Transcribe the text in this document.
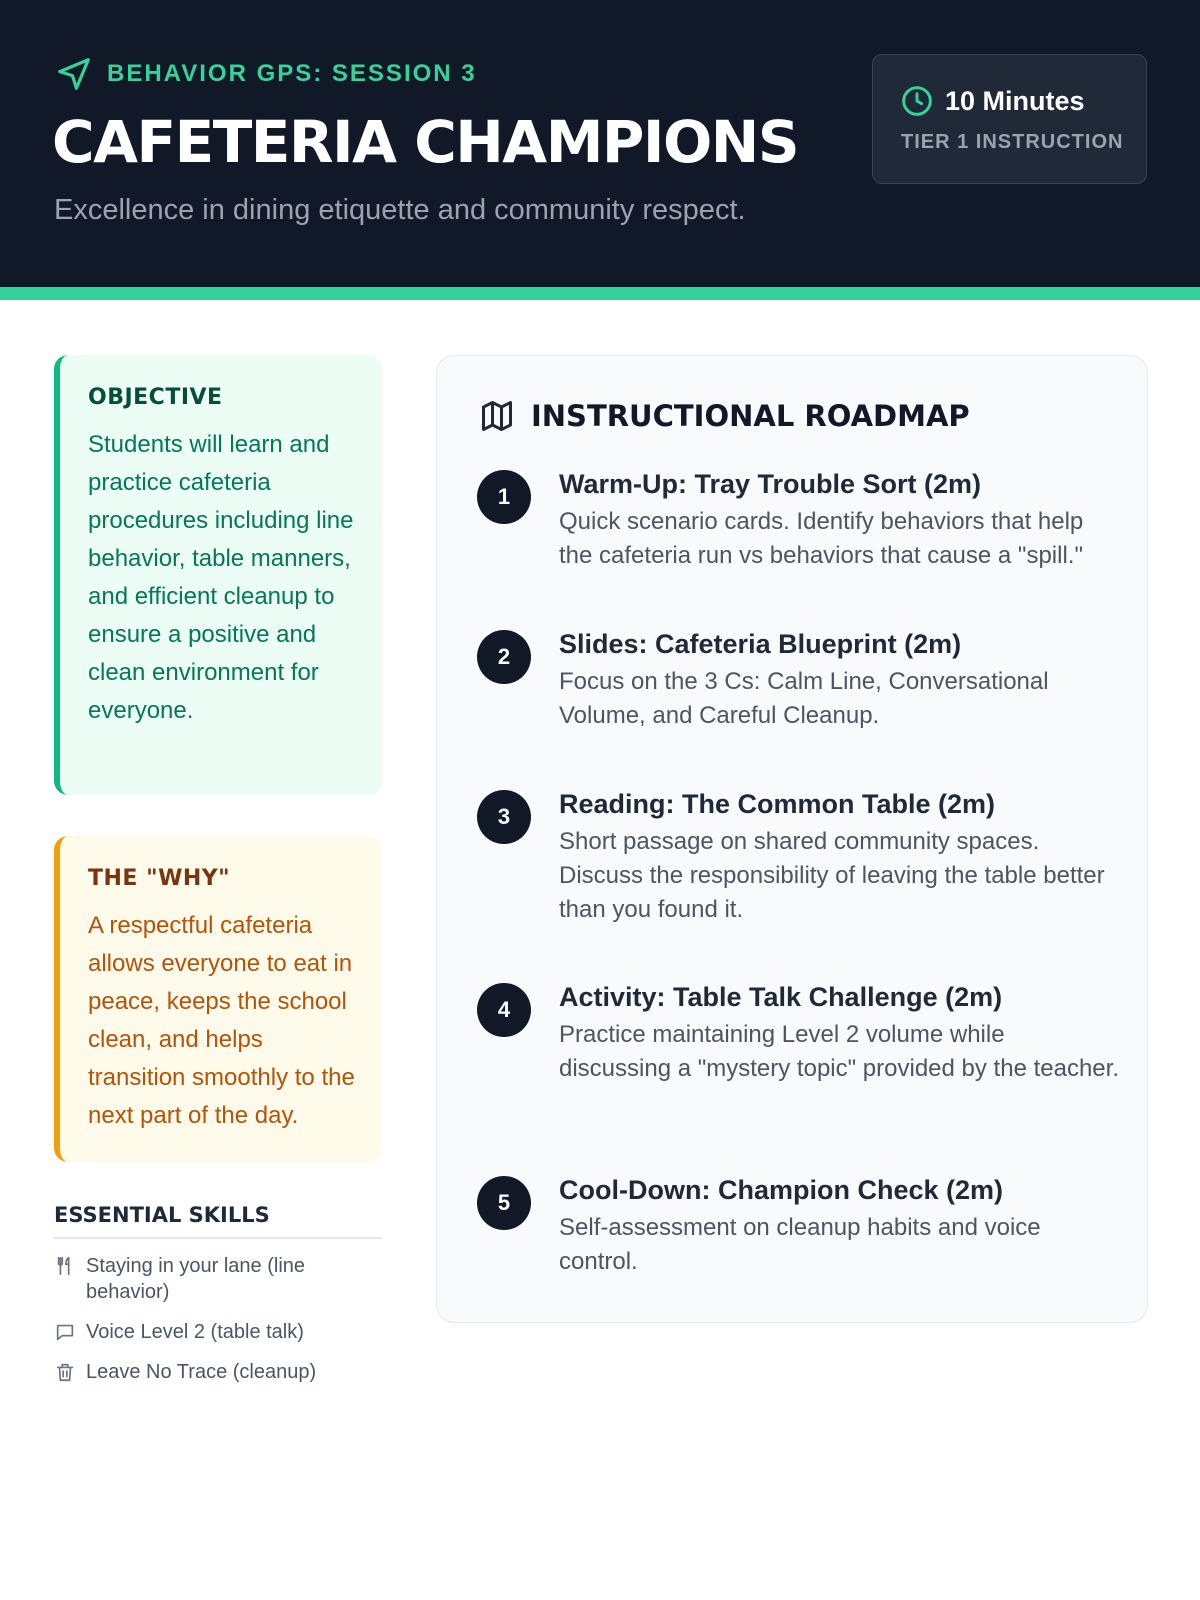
BEHAVIOR GPS: SESSION 3
CAFETERIA CHAMPIONS
Excellence in dining etiquette and community respect.
10 Minutes
TIER 1 INSTRUCTION
OBJECTIVE
Students will learn and practice cafeteria procedures including line behavior, table manners, and efficient cleanup to ensure a positive and clean environment for everyone.
THE "WHY"
A respectful cafeteria allows everyone to eat in peace, keeps the school clean, and helps transition smoothly to the next part of the day.
ESSENTIAL SKILLS
Staying in your lane (line behavior)
Voice Level 2 (table talk)
Leave No Trace (cleanup)
INSTRUCTIONAL ROADMAP
1	Warm-Up: Tray Trouble Sort (2m)
Quick scenario cards. Identify behaviors that help the cafeteria run vs behaviors that cause a "spill."
2	Slides: Cafeteria Blueprint (2m)
Focus on the 3 Cs: Calm Line, Conversational Volume, and Careful Cleanup.
3	Reading: The Common Table (2m)
Short passage on shared community spaces. Discuss the responsibility of leaving the table better than you found it.
4	Activity: Table Talk Challenge (2m)
Practice maintaining Level 2 volume while discussing a "mystery topic" provided by the teacher.
5	Cool-Down: Champion Check (2m)
Self-assessment on cleanup habits and voice control.
